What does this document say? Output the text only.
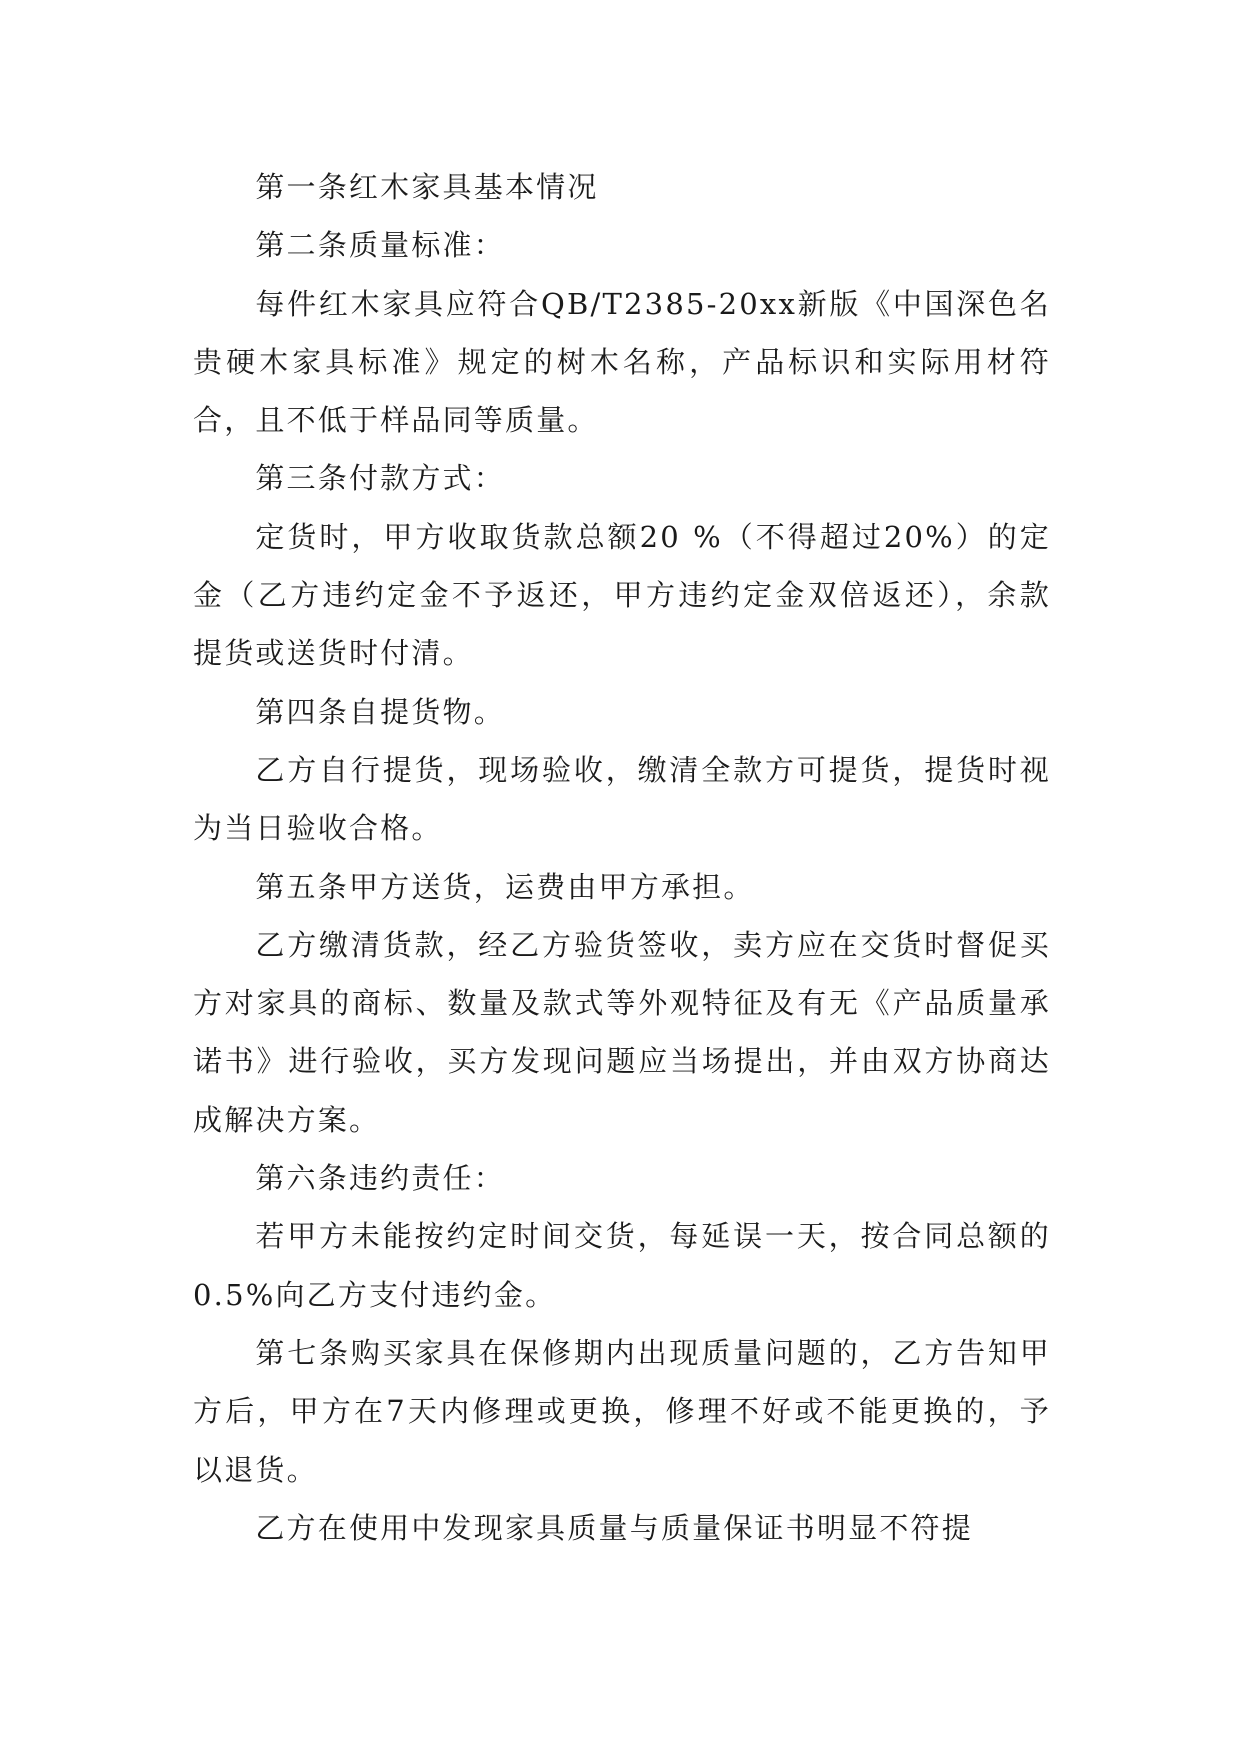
第一条红木家具基本情况

第二条质量标准：

每件红木家具应符合QB/T2385-20xx新版《中国深色名贵硬木家具标准》规定的树木名称，产品标识和实际用材符合，且不低于样品同等质量。

第三条付款方式：

定货时，甲方收取货款总额20 %（不得超过20%）的定金（乙方违约定金不予返还，甲方违约定金双倍返还），余款提货或送货时付清。

第四条自提货物。

乙方自行提货，现场验收，缴清全款方可提货，提货时视为当日验收合格。

第五条甲方送货，运费由甲方承担。

乙方缴清货款，经乙方验货签收，卖方应在交货时督促买方对家具的商标、数量及款式等外观特征及有无《产品质量承诺书》进行验收，买方发现问题应当场提出，并由双方协商达成解决方案。

第六条违约责任：

若甲方未能按约定时间交货，每延误一天，按合同总额的0.5%向乙方支付违约金。

第七条购买家具在保修期内出现质量问题的，乙方告知甲方后，甲方在7天内修理或更换，修理不好或不能更换的，予以退货。

乙方在使用中发现家具质量与质量保证书明显不符提
